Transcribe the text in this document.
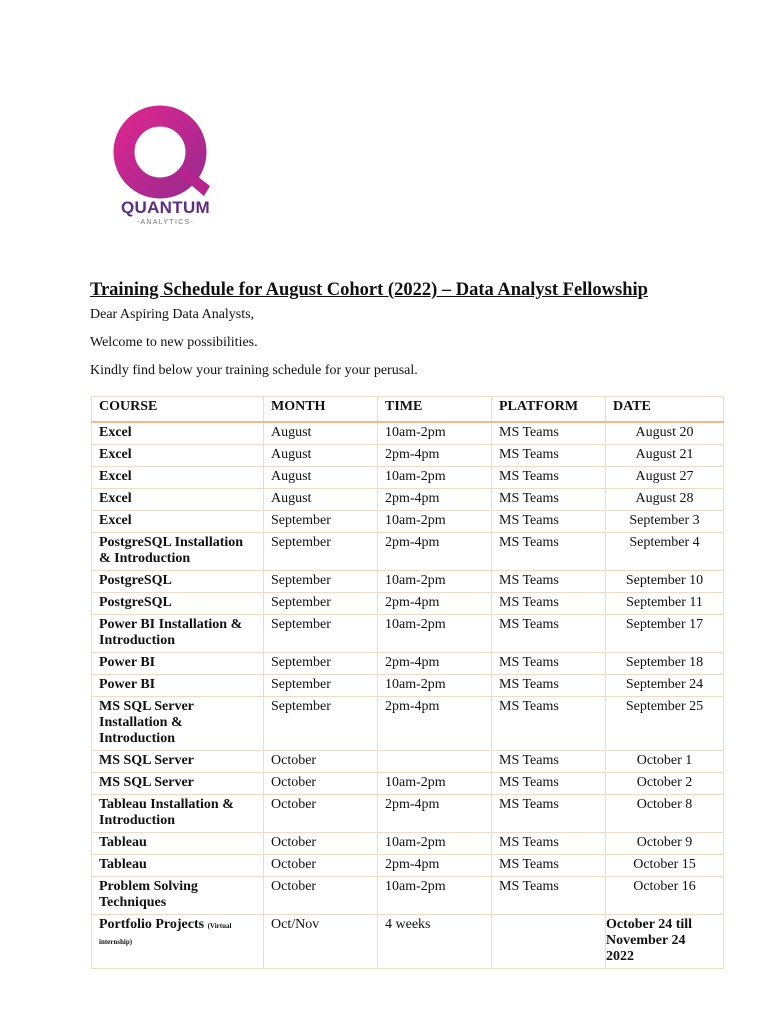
QUANTUM
-ANALYTICS-
Training Schedule for August Cohort (2022) – Data Analyst Fellowship
Dear Aspiring Data Analysts,
Welcome to new possibilities.
Kindly find below your training schedule for your perusal.
COURSE	MONTH	TIME	PLATFORM	DATE
Excel	August	10am-2pm	MS Teams	August 20
Excel	August	2pm-4pm	MS Teams	August 21
Excel	August	10am-2pm	MS Teams	August 27
Excel	August	2pm-4pm	MS Teams	August 28
Excel	September	10am-2pm	MS Teams	September 3
PostgreSQL Installation & Introduction	September	2pm-4pm	MS Teams	September 4
PostgreSQL	September	10am-2pm	MS Teams	September 10
PostgreSQL	September	2pm-4pm	MS Teams	September 11
Power BI Installation & Introduction	September	10am-2pm	MS Teams	September 17
Power BI	September	2pm-4pm	MS Teams	September 18
Power BI	September	10am-2pm	MS Teams	September 24
MS SQL Server Installation & Introduction	September	2pm-4pm	MS Teams	September 25
MS SQL Server	October		MS Teams	October 1
MS SQL Server	October	10am-2pm	MS Teams	October 2
Tableau Installation & Introduction	October	2pm-4pm	MS Teams	October 8
Tableau	October	10am-2pm	MS Teams	October 9
Tableau	October	2pm-4pm	MS Teams	October 15
Problem Solving Techniques	October	10am-2pm	MS Teams	October 16
Portfolio Projects (Virtual
internship)	Oct/Nov	4 weeks		October 24 till November 24 2022
